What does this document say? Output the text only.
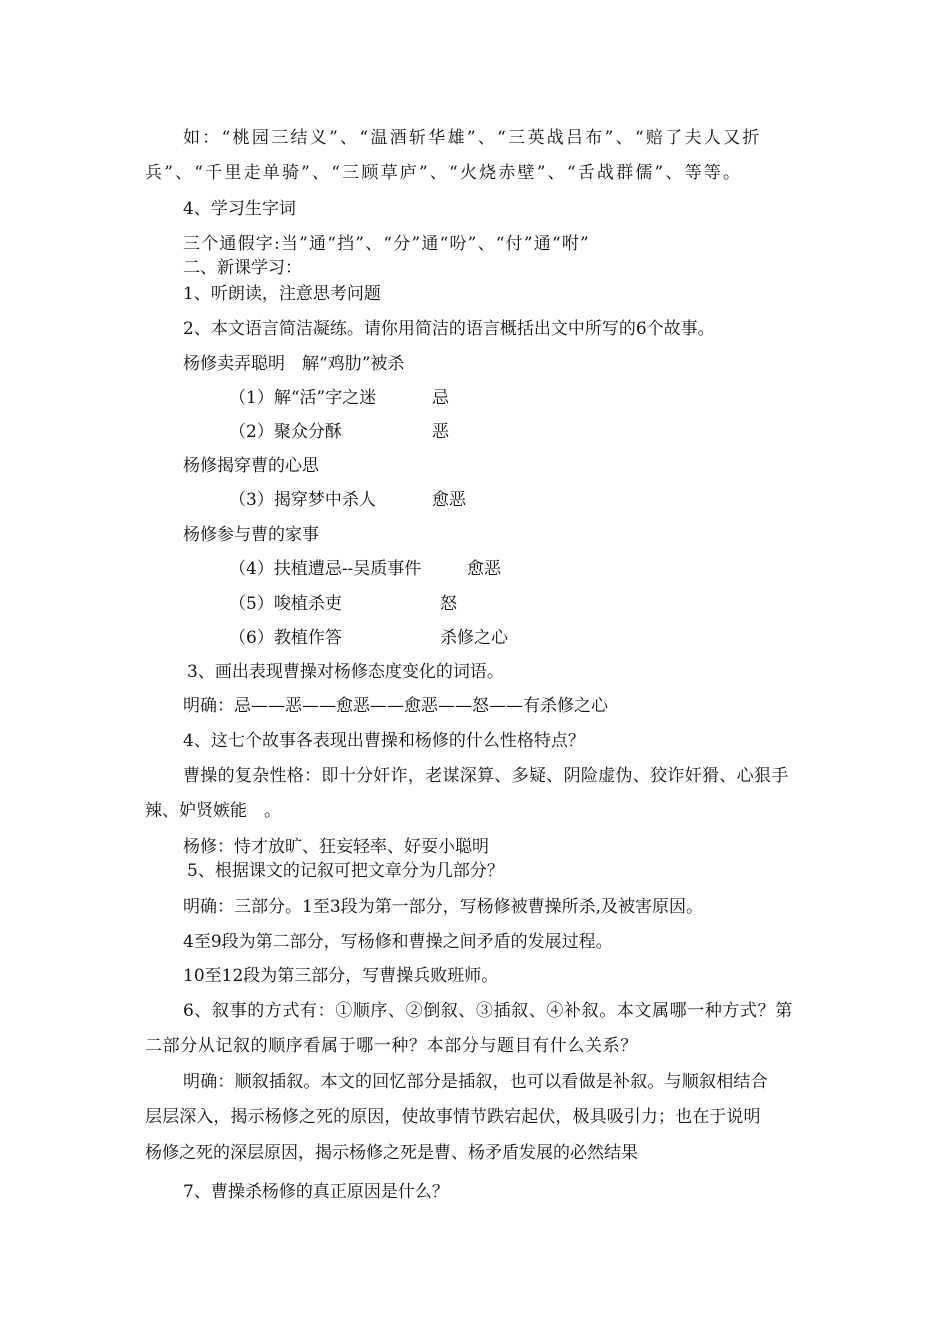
如：“桃园三结义”、“温酒斩华雄”、“三英战吕布”、“赔了夫人又折
兵”、“千里走单骑”、“三顾草庐”、“火烧赤壁”、“舌战群儒”、等等。
4、学习生字词
三个通假字:当”通“挡”、“分”通“吩”、“付”通“咐”
二、新课学习：
1、听朗读，注意思考问题
2、本文语言简洁凝练。请你用简洁的语言概括出文中所写的6个故事。
杨修卖弄聪明　解“鸡肋”被杀
（1）解“活”字之迷	忌
（2）聚众分酥	恶
杨修揭穿曹的心思
（3）揭穿梦中杀人	愈恶
杨修参与曹的家事
（4）扶植遭忌--吴质事件	愈恶
（5）唆植杀吏	怒
（6）教植作答	杀修之心
3、画出表现曹操对杨修态度变化的词语。
明确：忌——恶——愈恶——愈恶——怒——有杀修之心
4、这七个故事各表现出曹操和杨修的什么性格特点？
曹操的复杂性格：即十分奸诈，老谋深算、多疑、阴险虚伪、狡诈奸猾、心狠手
辣、妒贤嫉能　。
杨修：恃才放旷、狂妄轻率、好耍小聪明
5、根据课文的记叙可把文章分为几部分？
明确：三部分。1至3段为第一部分，写杨修被曹操所杀,及被害原因。
4至9段为第二部分，写杨修和曹操之间矛盾的发展过程。
10至12段为第三部分，写曹操兵败班师。
6、叙事的方式有：①顺序、②倒叙、③插叙、④补叙。本文属哪一种方式？第
二部分从记叙的顺序看属于哪一种？本部分与题目有什么关系？
明确：顺叙插叙。本文的回忆部分是插叙，也可以看做是补叙。与顺叙相结合
层层深入，揭示杨修之死的原因，使故事情节跌宕起伏，极具吸引力；也在于说明
杨修之死的深层原因，揭示杨修之死是曹、杨矛盾发展的必然结果
7、曹操杀杨修的真正原因是什么？
